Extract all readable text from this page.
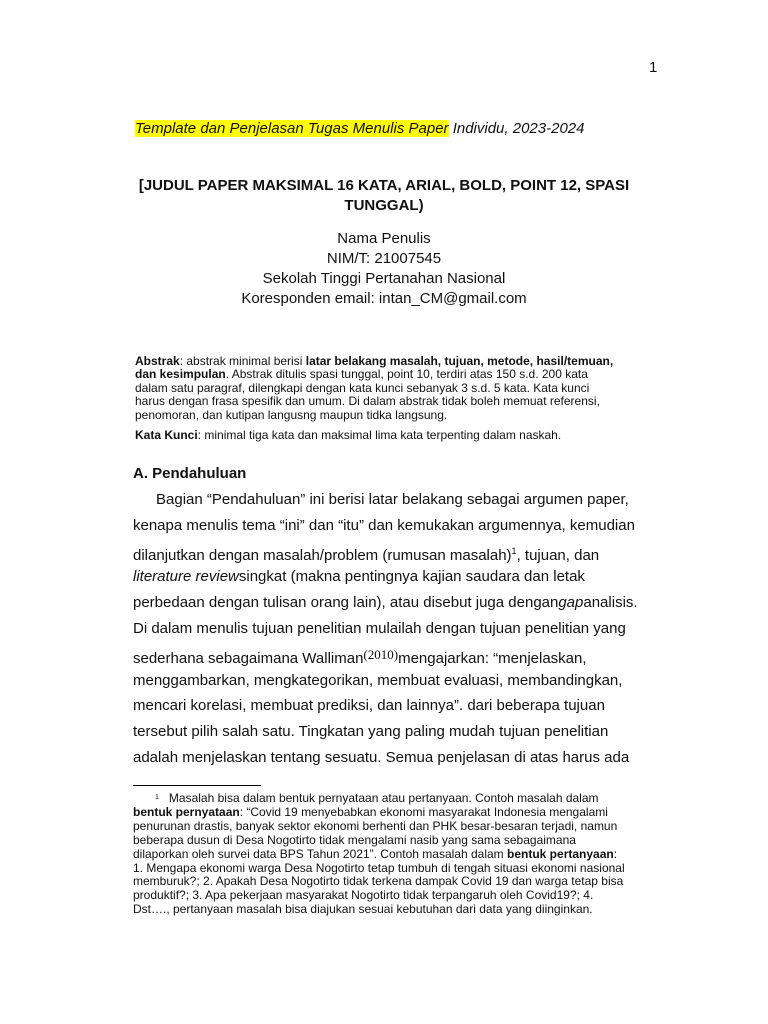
1
Template dan Penjelasan Tugas Menulis Paper Individu, 2023-2024
[JUDUL PAPER MAKSIMAL 16 KATA, ARIAL, BOLD, POINT 12, SPASI
TUNGGAL)
Nama Penulis
NIM/T: 21007545
Sekolah Tinggi Pertanahan Nasional
Koresponden email: intan_CM@gmail.com
Abstrak: abstrak minimal berisi latar belakang masalah, tujuan, metode, hasil/temuan,
dan kesimpulan. Abstrak ditulis spasi tunggal, point 10, terdiri atas 150 s.d. 200 kata
dalam satu paragraf, dilengkapi dengan kata kunci sebanyak 3 s.d. 5 kata. Kata kunci
harus dengan frasa spesifik dan umum. Di dalam abstrak tidak boleh memuat referensi,
penomoran, dan kutipan langusng maupun tidka langsung.
Kata Kunci: minimal tiga kata dan maksimal lima kata terpenting dalam naskah.
A. Pendahuluan
Bagian “Pendahuluan” ini berisi latar belakang sebagai argumen paper,
kenapa menulis tema “ini” dan “itu” dan kemukakan argumennya, kemudian
dilanjutkan dengan masalah/problem (rumusan masalah)$^1$, tujuan, dan
literature reviewsingkat (makna pentingnya kajian saudara dan letak
perbedaan dengan tulisan orang lain), atau disebut juga dengangapanalisis.
Di dalam menulis tujuan penelitian mulailah dengan tujuan penelitian yang
sederhana sebagaimana Walliman(2010)mengajarkan: “menjelaskan,
menggambarkan, mengkategorikan, membuat evaluasi, membandingkan,
mencari korelasi, membuat prediksi, dan lainnya”. dari beberapa tujuan
tersebut pilih salah satu. Tingkatan yang paling mudah tujuan penelitian
adalah menjelaskan tentang sesuatu. Semua penjelasan di atas harus ada
$^1$ Masalah bisa dalam bentuk pernyataan atau pertanyaan. Contoh masalah dalam
bentuk pernyataan: “Covid 19 menyebabkan ekonomi masyarakat Indonesia mengalami
penurunan drastis, banyak sektor ekonomi berhenti dan PHK besar-besaran terjadi, namun
beberapa dusun di Desa Nogotirto tidak mengalami nasib yang sama sebagaimana
dilaporkan oleh survei data BPS Tahun 2021”. Contoh masalah dalam bentuk pertanyaan:
1. Mengapa ekonomi warga Desa Nogotirto tetap tumbuh di tengah situasi ekonomi nasional
memburuk?; 2. Apakah Desa Nogotirto tidak terkena dampak Covid 19 dan warga tetap bisa
produktif?; 3. Apa pekerjaan masyarakat Nogotirto tidak terpangaruh oleh Covid19?; 4.
Dst…., pertanyaan masalah bisa diajukan sesuai kebutuhan dari data yang diinginkan.
